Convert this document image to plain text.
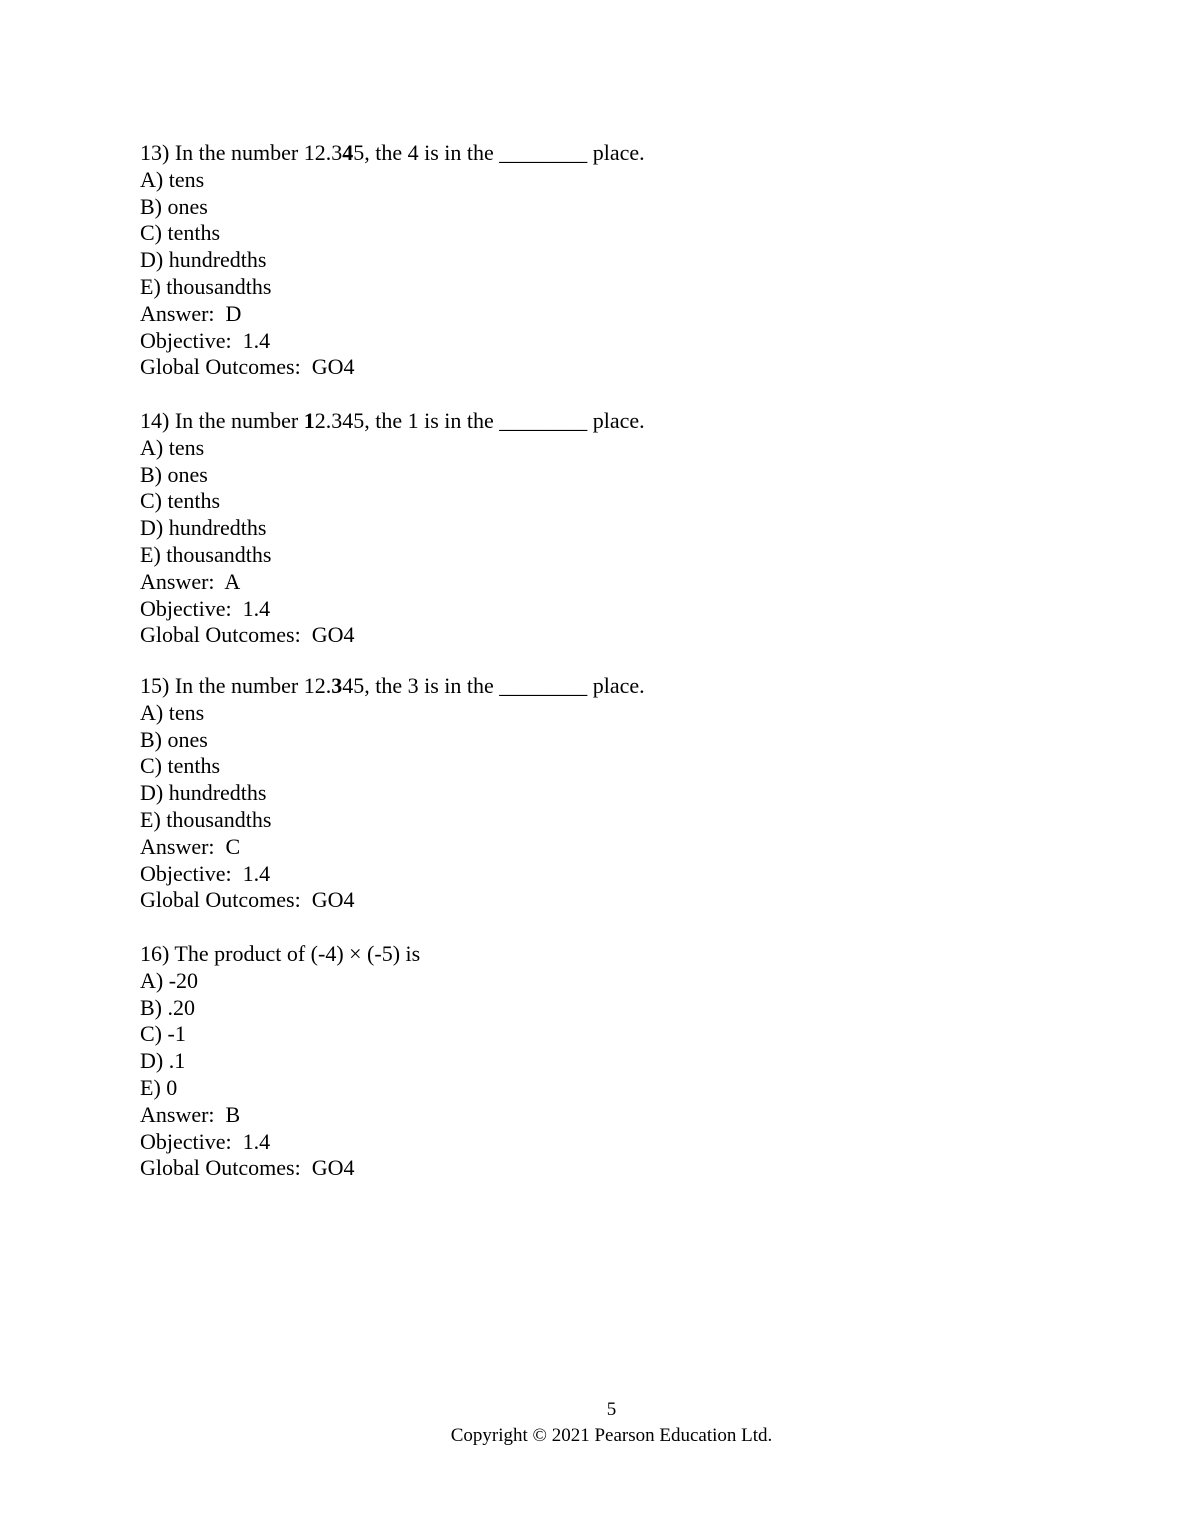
13) In the number 12.345, the 4 is in the ________ place.
A) tens
B) ones
C) tenths
D) hundredths
E) thousandths
Answer:  D
Objective:  1.4
Global Outcomes:  GO4
14) In the number 12.345, the 1 is in the ________ place.
A) tens
B) ones
C) tenths
D) hundredths
E) thousandths
Answer:  A
Objective:  1.4
Global Outcomes:  GO4
15) In the number 12.345, the 3 is in the ________ place.
A) tens
B) ones
C) tenths
D) hundredths
E) thousandths
Answer:  C
Objective:  1.4
Global Outcomes:  GO4
16) The product of (-4) × (-5) is
A) -20
B) .20
C) -1
D) .1
E) 0
Answer:  B
Objective:  1.4
Global Outcomes:  GO4
5
Copyright © 2021 Pearson Education Ltd.
